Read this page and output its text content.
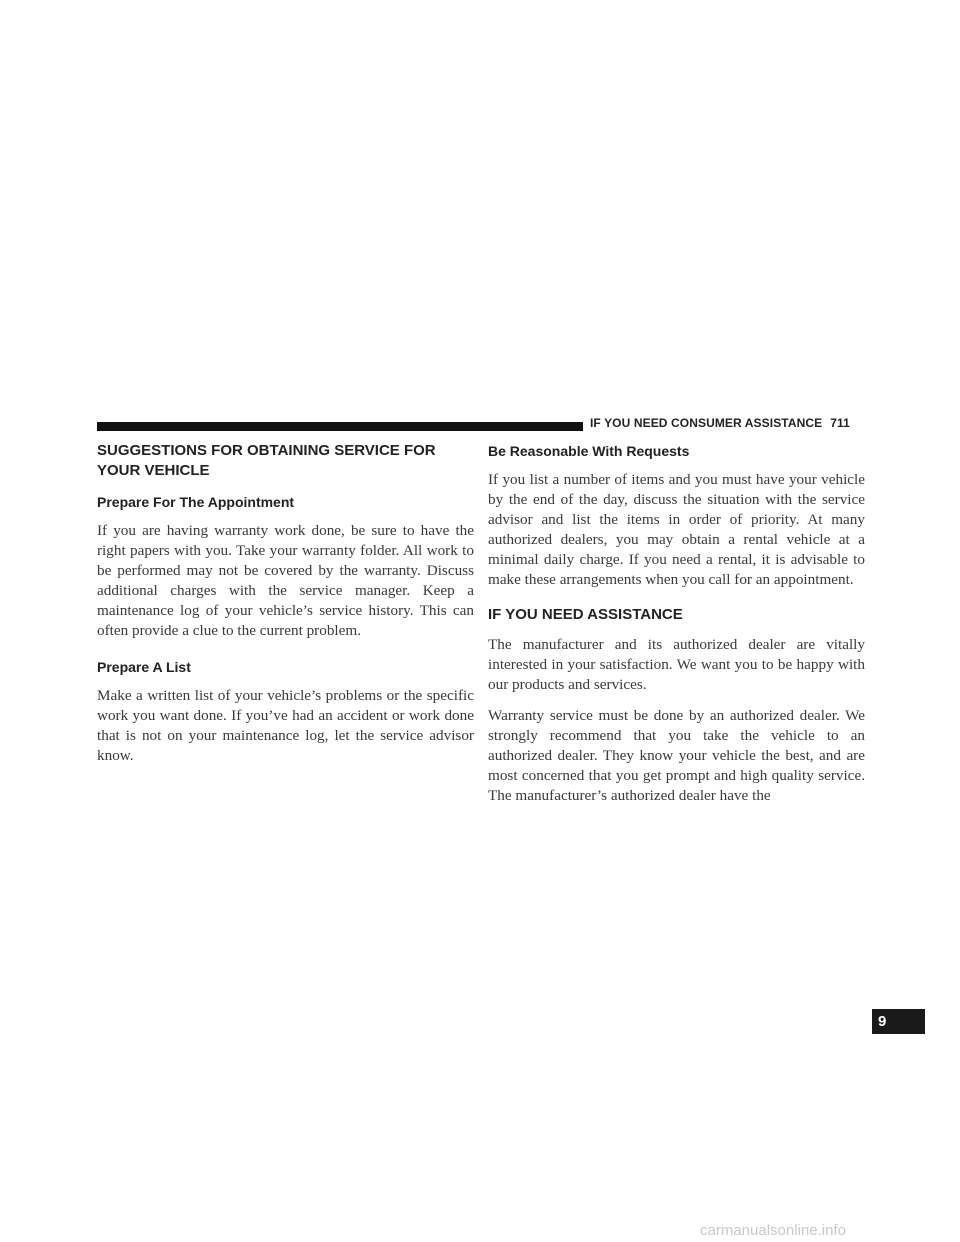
IF YOU NEED CONSUMER ASSISTANCE 711
SUGGESTIONS FOR OBTAINING SERVICE FOR YOUR VEHICLE
Prepare For The Appointment

If you are having warranty work done, be sure to have the right papers with you. Take your warranty folder. All work to be performed may not be covered by the warranty. Discuss additional charges with the service manager. Keep a maintenance log of your vehicle’s service history. This can often provide a clue to the current problem.

Prepare A List

Make a written list of your vehicle’s problems or the specific work you want done. If you’ve had an accident or work done that is not on your maintenance log, let the service advisor know.

Be Reasonable With Requests

If you list a number of items and you must have your vehicle by the end of the day, discuss the situation with the service advisor and list the items in order of priority. At many authorized dealers, you may obtain a rental vehicle at a minimal daily charge. If you need a rental, it is advisable to make these arrangements when you call for an appointment.

IF YOU NEED ASSISTANCE

The manufacturer and its authorized dealer are vitally interested in your satisfaction. We want you to be happy with our products and services.

Warranty service must be done by an authorized dealer. We strongly recommend that you take the vehicle to an authorized dealer. They know your vehicle the best, and are most concerned that you get prompt and high quality service. The manufacturer’s authorized dealer have the

9
carmanualsonline.info
